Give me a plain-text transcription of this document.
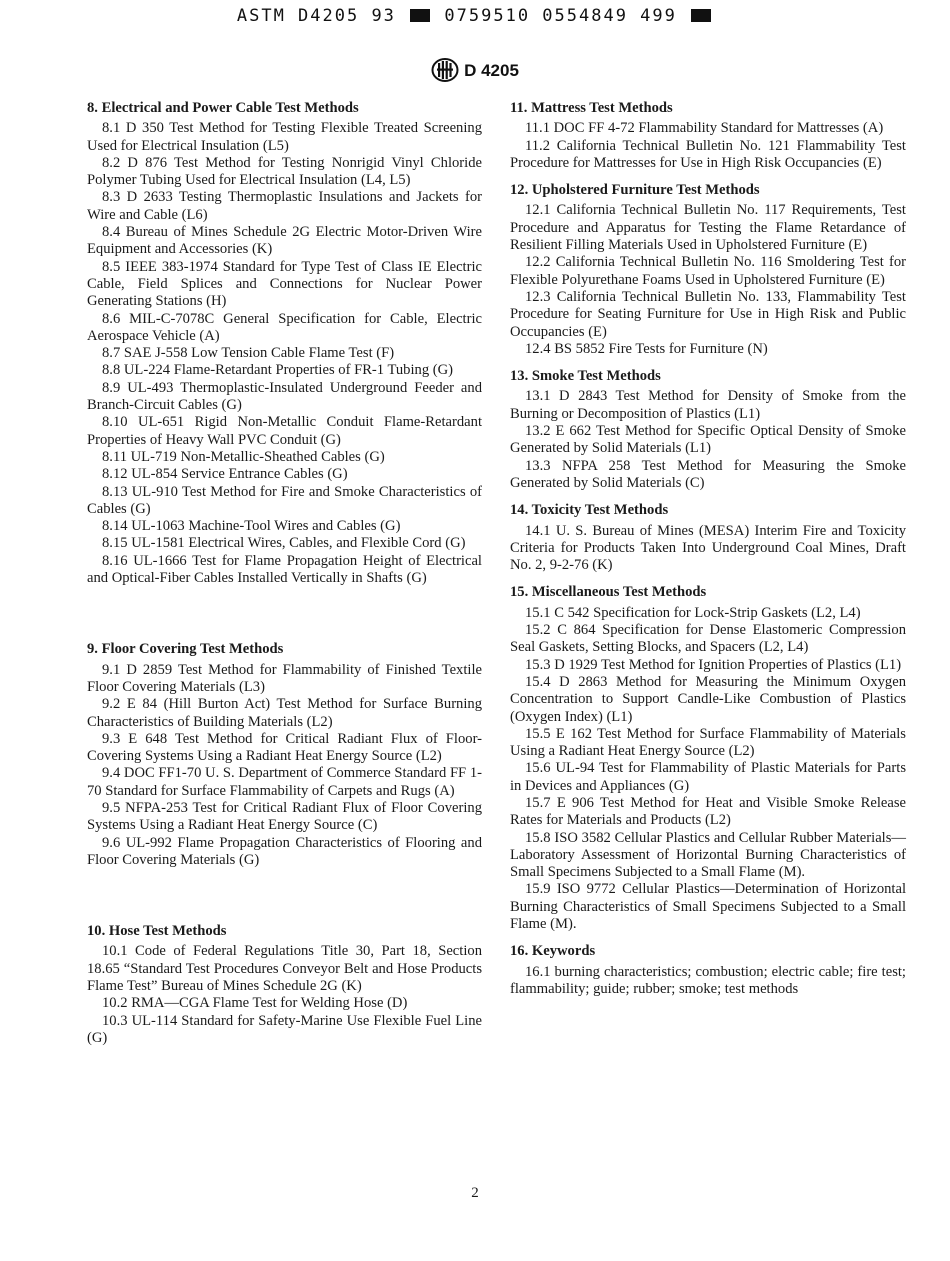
ASTM D4205 93	0759510 0554849 499
D 4205
8. Electrical and Power Cable Test Methods

8.1 D 350 Test Method for Testing Flexible Treated Screening Used for Electrical Insulation (L5)

8.2 D 876 Test Method for Testing Nonrigid Vinyl Chloride Polymer Tubing Used for Electrical Insulation (L4, L5)

8.3 D 2633 Testing Thermoplastic Insulations and Jackets for Wire and Cable (L6)

8.4 Bureau of Mines Schedule 2G Electric Motor-Driven Wire Equipment and Accessories (K)

8.5 IEEE 383-1974 Standard for Type Test of Class IE Electric Cable, Field Splices and Connections for Nuclear Power Generating Stations (H)

8.6 MIL-C-7078C General Specification for Cable, Electric Aerospace Vehicle (A)

8.7 SAE J-558 Low Tension Cable Flame Test (F)

8.8 UL-224 Flame-Retardant Properties of FR-1 Tubing (G)

8.9 UL-493 Thermoplastic-Insulated Underground Feeder and Branch-Circuit Cables (G)

8.10 UL-651 Rigid Non-Metallic Conduit Flame-Retardant Properties of Heavy Wall PVC Conduit (G)

8.11 UL-719 Non-Metallic-Sheathed Cables (G)

8.12 UL-854 Service Entrance Cables (G)

8.13 UL-910 Test Method for Fire and Smoke Characteristics of Cables (G)

8.14 UL-1063 Machine-Tool Wires and Cables (G)

8.15 UL-1581 Electrical Wires, Cables, and Flexible Cord (G)

8.16 UL-1666 Test for Flame Propagation Height of Electrical and Optical-Fiber Cables Installed Vertically in Shafts (G)

9. Floor Covering Test Methods

9.1 D 2859 Test Method for Flammability of Finished Textile Floor Covering Materials (L3)

9.2 E 84 (Hill Burton Act) Test Method for Surface Burning Characteristics of Building Materials (L2)

9.3 E 648 Test Method for Critical Radiant Flux of Floor-Covering Systems Using a Radiant Heat Energy Source (L2)

9.4 DOC FF1-70 U. S. Department of Commerce Standard FF 1-70 Standard for Surface Flammability of Carpets and Rugs (A)

9.5 NFPA-253 Test for Critical Radiant Flux of Floor Covering Systems Using a Radiant Heat Energy Source (C)

9.6 UL-992 Flame Propagation Characteristics of Flooring and Floor Covering Materials (G)

10. Hose Test Methods

10.1 Code of Federal Regulations Title 30, Part 18, Section 18.65 “Standard Test Procedures Conveyor Belt and Hose Products Flame Test” Bureau of Mines Schedule 2G (K)

10.2 RMA—CGA Flame Test for Welding Hose (D)

10.3 UL-114 Standard for Safety-Marine Use Flexible Fuel Line (G)

11. Mattress Test Methods

11.1 DOC FF 4-72 Flammability Standard for Mattresses (A)

11.2 California Technical Bulletin No. 121 Flammability Test Procedure for Mattresses for Use in High Risk Occupancies (E)

12. Upholstered Furniture Test Methods

12.1 California Technical Bulletin No. 117 Requirements, Test Procedure and Apparatus for Testing the Flame Retardance of Resilient Filling Materials Used in Upholstered Furniture (E)

12.2 California Technical Bulletin No. 116 Smoldering Test for Flexible Polyurethane Foams Used in Upholstered Furniture (E)

12.3 California Technical Bulletin No. 133, Flammability Test Procedure for Seating Furniture for Use in High Risk and Public Occupancies (E)

12.4 BS 5852 Fire Tests for Furniture (N)

13. Smoke Test Methods

13.1 D 2843 Test Method for Density of Smoke from the Burning or Decomposition of Plastics (L1)

13.2 E 662 Test Method for Specific Optical Density of Smoke Generated by Solid Materials (L1)

13.3 NFPA 258 Test Method for Measuring the Smoke Generated by Solid Materials (C)

14. Toxicity Test Methods

14.1 U. S. Bureau of Mines (MESA) Interim Fire and Toxicity Criteria for Products Taken Into Underground Coal Mines, Draft No. 2, 9-2-76 (K)

15. Miscellaneous Test Methods

15.1 C 542 Specification for Lock-Strip Gaskets (L2, L4)

15.2 C 864 Specification for Dense Elastomeric Compression Seal Gaskets, Setting Blocks, and Spacers (L2, L4)

15.3 D 1929 Test Method for Ignition Properties of Plastics (L1)

15.4 D 2863 Method for Measuring the Minimum Oxygen Concentration to Support Candle-Like Combustion of Plastics (Oxygen Index) (L1)

15.5 E 162 Test Method for Surface Flammability of Materials Using a Radiant Heat Energy Source (L2)

15.6 UL-94 Test for Flammability of Plastic Materials for Parts in Devices and Appliances (G)

15.7 E 906 Test Method for Heat and Visible Smoke Release Rates for Materials and Products (L2)

15.8 ISO 3582 Cellular Plastics and Cellular Rubber Materials—Laboratory Assessment of Horizontal Burning Characteristics of Small Specimens Subjected to a Small Flame (M).

15.9 ISO 9772 Cellular Plastics—Determination of Horizontal Burning Characteristics of Small Specimens Subjected to a Small Flame (M).

16. Keywords

16.1 burning characteristics; combustion; electric cable; fire test; flammability; guide; rubber; smoke; test methods

2
